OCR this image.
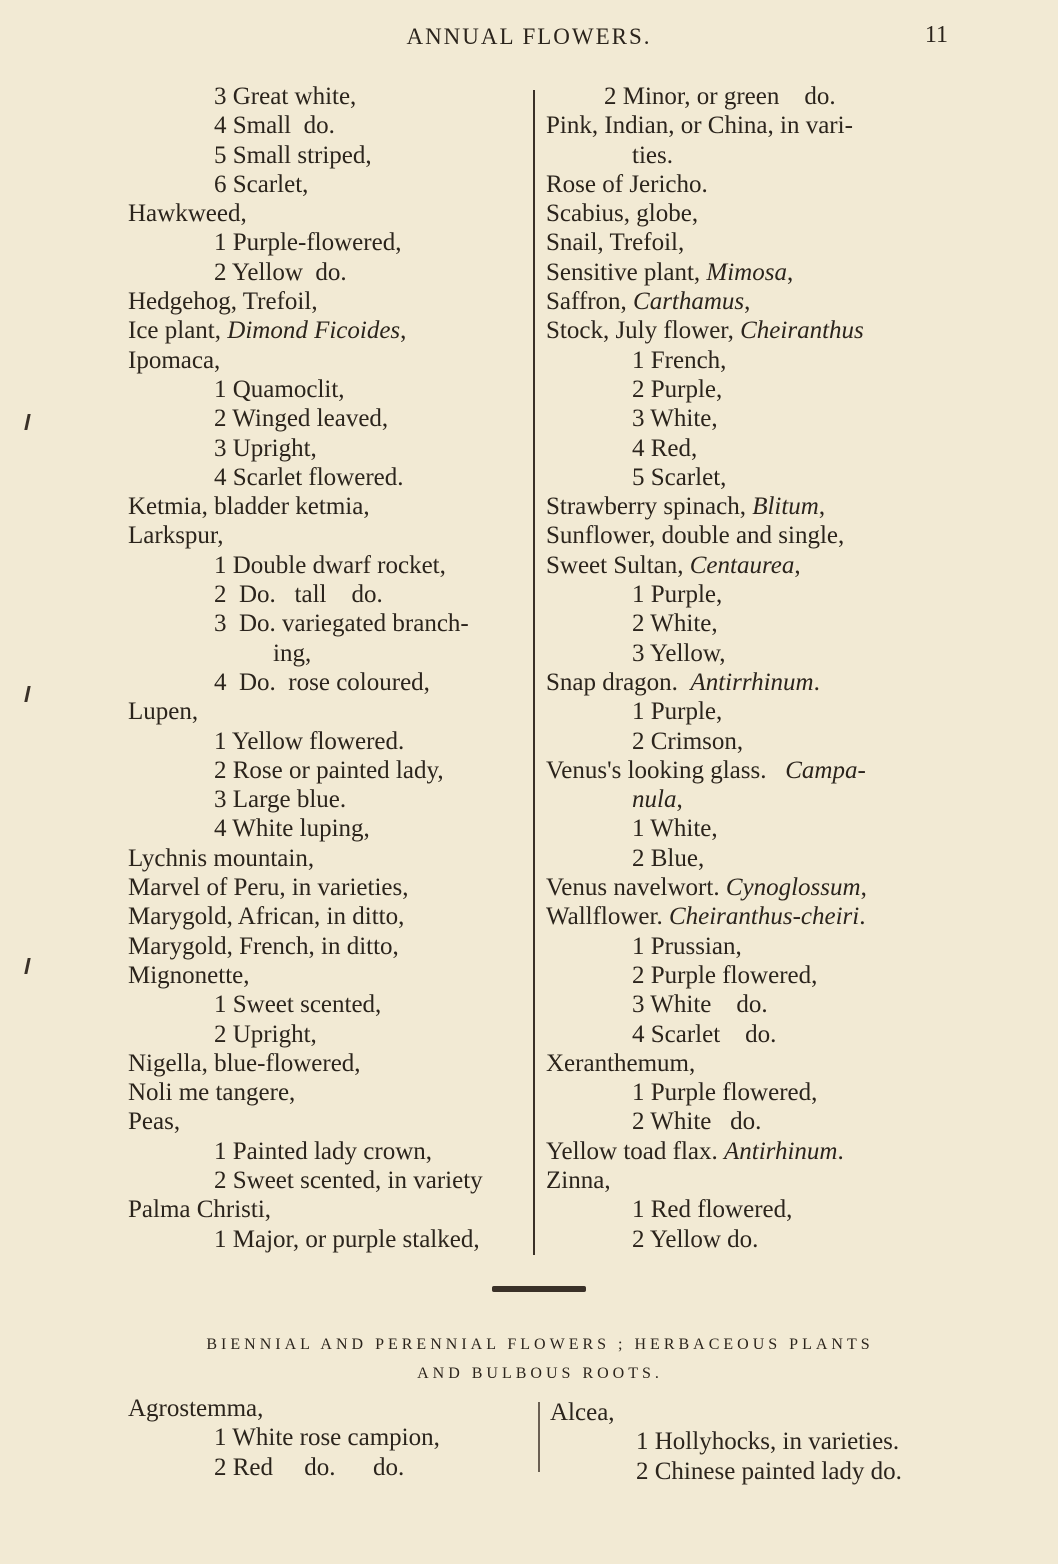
ANNUAL FLOWERS.	11
3 Great white,
4 Small  do.
5 Small striped,
6 Scarlet,
Hawkweed,
1 Purple-flowered,
2 Yellow  do.
Hedgehog, Trefoil,
Ice plant, Dimond Ficoides,
Ipomaca,
1 Quamoclit,
2 Winged leaved,
3 Upright,
4 Scarlet flowered.
Ketmia, bladder ketmia,
Larkspur,
1 Double dwarf rocket,
2  Do.   tall    do.
3  Do. variegated branch-
ing,
4  Do.  rose coloured,
Lupen,
1 Yellow flowered.
2 Rose or painted lady,
3 Large blue.
4 White luping,
Lychnis mountain,
Marvel of Peru, in varieties,
Marygold, African, in ditto,
Marygold, French, in ditto,
Mignonette,
1 Sweet scented,
2 Upright,
Nigella, blue-flowered,
Noli me tangere,
Peas,
1 Painted lady crown,
2 Sweet scented, in variety
Palma Christi,
1 Major, or purple stalked,
2 Minor, or green    do.
Pink, Indian, or China, in vari-
ties.
Rose of Jericho.
Scabius, globe,
Snail, Trefoil,
Sensitive plant, Mimosa,
Saffron, Carthamus,
Stock, July flower, Cheiranthus
1 French,
2 Purple,
3 White,
4 Red,
5 Scarlet,
Strawberry spinach, Blitum,
Sunflower, double and single,
Sweet Sultan, Centaurea,
1 Purple,
2 White,
3 Yellow,
Snap dragon.  Antirrhinum.
1 Purple,
2 Crimson,
Venus's looking glass.   Campa-
nula,
1 White,
2 Blue,
Venus navelwort. Cynoglossum,
Wallflower. Cheiranthus-cheiri.
1 Prussian,
2 Purple flowered,
3 White    do.
4 Scarlet    do.
Xeranthemum,
1 Purple flowered,
2 White   do.
Yellow toad flax. Antirhinum.
Zinna,
1 Red flowered,
2 Yellow do.
BIENNIAL AND PERENNIAL FLOWERS ; HERBACEOUS PLANTS
AND BULBOUS ROOTS.
Agrostemma,
1 White rose campion,
2 Red     do.      do.
Alcea,
1 Hollyhocks, in varieties.
2 Chinese painted lady do.
